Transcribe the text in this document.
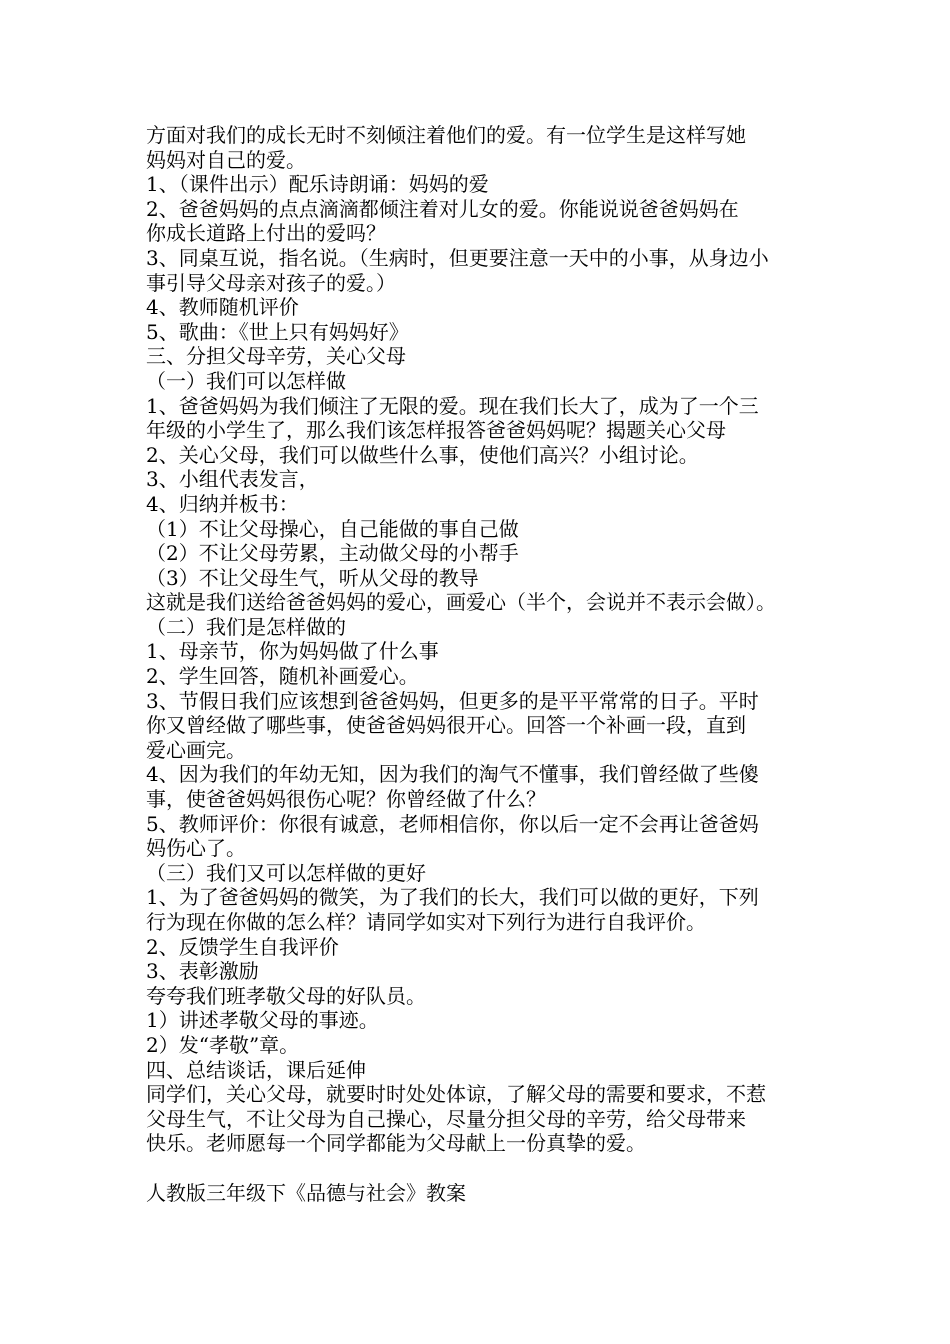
方面对我们的成长无时不刻倾注着他们的爱。有一位学生是这样写她
妈妈对自己的爱。
1、（课件出示）配乐诗朗诵：妈妈的爱
2、爸爸妈妈的点点滴滴都倾注着对儿女的爱。你能说说爸爸妈妈在
你成长道路上付出的爱吗？
3、同桌互说，指名说。（生病时，但更要注意一天中的小事，从身边小
事引导父母亲对孩子的爱。）
4、教师随机评价
5、歌曲：《世上只有妈妈好》
三、分担父母辛劳，关心父母
（一）我们可以怎样做
1、爸爸妈妈为我们倾注了无限的爱。现在我们长大了，成为了一个三
年级的小学生了，那么我们该怎样报答爸爸妈妈呢？揭题关心父母
2、关心父母，我们可以做些什么事，使他们高兴？小组讨论。
3、小组代表发言，
4、归纳并板书：
（1）不让父母操心，自己能做的事自己做
（2）不让父母劳累，主动做父母的小帮手
（3）不让父母生气，听从父母的教导
这就是我们送给爸爸妈妈的爱心，画爱心（半个，会说并不表示会做）。
（二）我们是怎样做的
1、母亲节，你为妈妈做了什么事
2、学生回答，随机补画爱心。
3、节假日我们应该想到爸爸妈妈，但更多的是平平常常的日子。平时
你又曾经做了哪些事，使爸爸妈妈很开心。回答一个补画一段，直到
爱心画完。
4、因为我们的年幼无知，因为我们的淘气不懂事，我们曾经做了些傻
事，使爸爸妈妈很伤心呢？你曾经做了什么？
5、教师评价：你很有诚意，老师相信你，你以后一定不会再让爸爸妈
妈伤心了。
（三）我们又可以怎样做的更好
1、为了爸爸妈妈的微笑，为了我们的长大，我们可以做的更好，下列
行为现在你做的怎么样？请同学如实对下列行为进行自我评价。
2、反馈学生自我评价
3、表彰激励
夸夸我们班孝敬父母的好队员。
1）讲述孝敬父母的事迹。
2）发“孝敬”章。
四、总结谈话，课后延伸
同学们，关心父母，就要时时处处体谅，了解父母的需要和要求，不惹
父母生气，不让父母为自己操心，尽量分担父母的辛劳，给父母带来
快乐。老师愿每一个同学都能为父母献上一份真挚的爱。
人教版三年级下《品德与社会》教案
